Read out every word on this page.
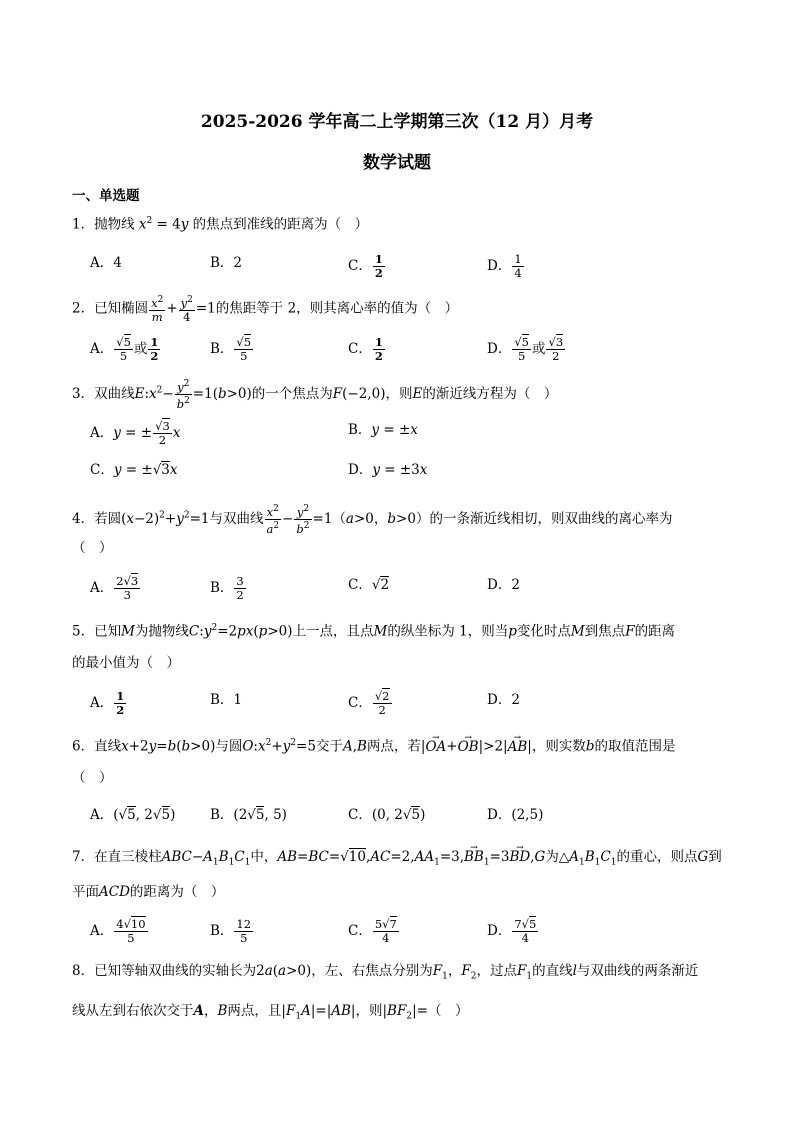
2025-2026 学年高二上学期第三次（12 月）月考
数学试题
一、单选题
1．抛物线 $x^2 = 4y$ 的焦点到准线的距离为（　）
A．4	B．2	C． $\frac{1}{2}$	D． $\frac{1}{4}$
2．已知椭圆 $\frac{x^2}{m} + \frac{y^2}{4} =1$的焦距等于 2，则其离心率的值为（　）
A． $\frac{√5}{5}$ 或 $\frac{1}{2}$	B． $\frac{√5}{5}$	C． $\frac{1}{2}$	D． $\frac{√5}{5}$ 或 $\frac{√3}{2}$
3．双曲线$E:x^2- \frac{y^2}{b^2} =1(b>0)$的一个焦点为F(−2,0)，则E的渐近线方程为（　）
A．y = ± $\frac{√3}{2}$ x	B．y = ±x
C．y = ±√3x	D．y = ±3x
4．若圆$(x-2)^2+y^2=1$与双曲线 $\frac{x^2}{a^2} - \frac{y^2}{b^2} =1(a>0$，b>0）的一条渐近线相切，则双曲线的离心率为
（　）
A． $\frac{2√3}{3}$	B． $\frac{3}{2}$	C．√2	D．2
5．已知M为抛物线$C:y^2=2px(p>0)$上一点，且点M的纵坐标为 1，则当p变化时点M到焦点F的距离
的最小值为（　）
A． $\frac{1}{2}$	B．1	C． $\frac{√2}{2}$	D．2
6．直线x+2y=b(b>0)与圆$O:x^2+y^2=5$交于A,B两点，若|→ OA+→ OB|>2|→ AB|，则实数b的取值范围是
（　）
A．(√5, 2√5)	B．(2√5, 5)	C．(0, 2√5)	D．(2,5)
7．在直三棱柱$ABC-A_1B_1C_1$中，$AB=BC=√10,AC=2,AA_1=3,\to BB_1=3\to BD,G$为$\triangle A_1B_1C_1$的重心，则点G到
平面ACD的距离为（　）
A． $\frac{4√10}{5}$	B． $\frac{12}{5}$	C． $\frac{5√7}{4}$	D． $\frac{7√5}{4}$
8．已知等轴双曲线的实轴长为2a(a>0)，左、右焦点分别为$F_1$，$F_2$，过点$F_1$的直线l与双曲线的两条渐近
线从左到右依次交于A，B两点，且$|F_1A|=|AB|$，则$|BF_2|=$（　）
